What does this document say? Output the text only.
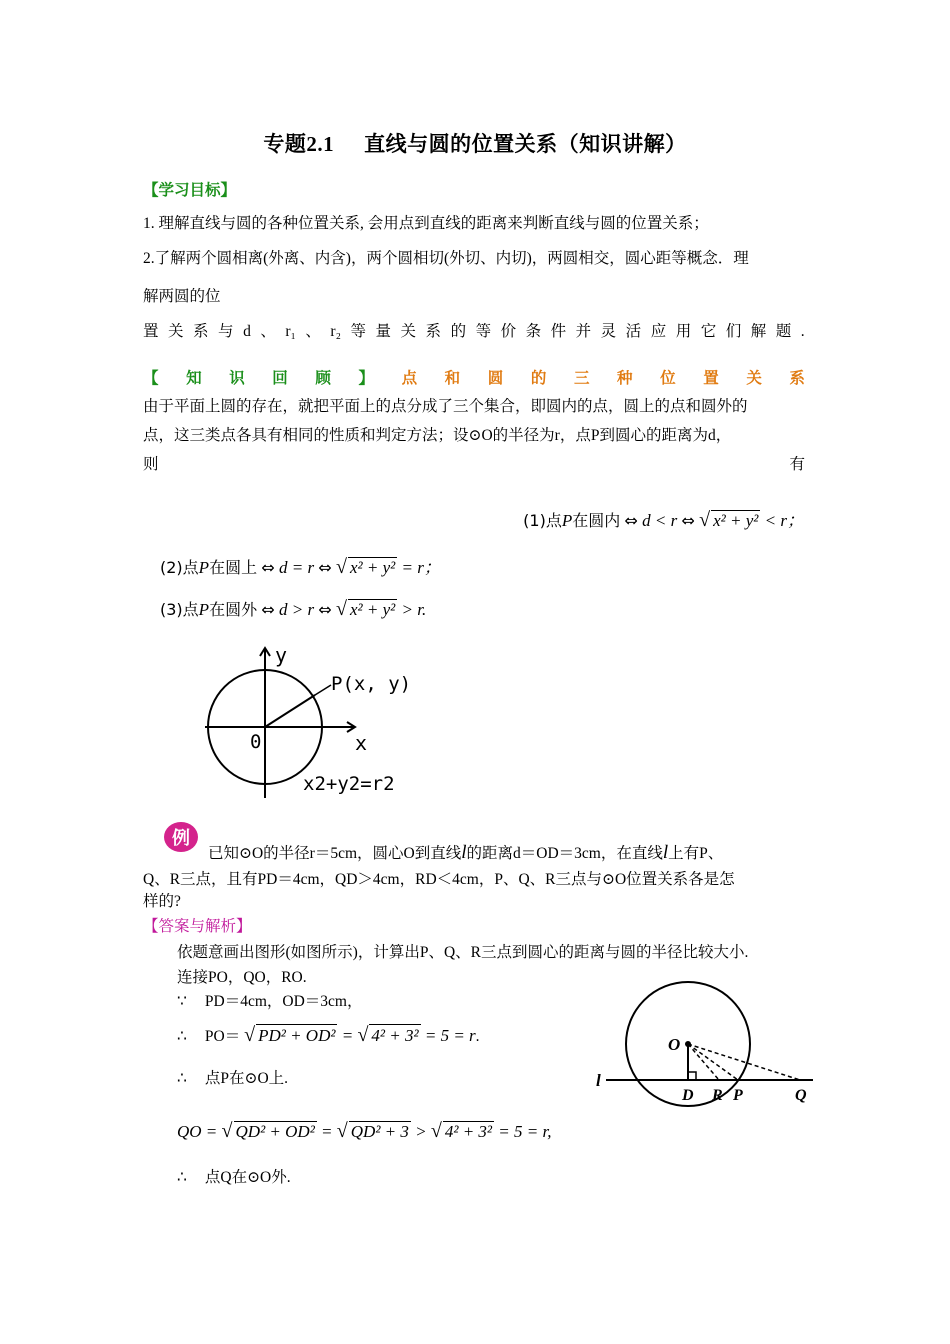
专题2.1 直线与圆的位置关系（知识讲解）
【学习目标】
1. 理解直线与圆的各种位置关系, 会用点到直线的距离来判断直线与圆的位置关系；
2.了解两个圆相离(外离、内含)，两个圆相切(外切、内切)，两圆相交，圆心距等概念．理
解两圆的位
置 关 系 与 d 、 r₁ 、 r₂ 等 量 关 系 的 等 价 条 件 并 灵 活 应 用 它 们 解 题 .
【 知 识 回 顾 】 点 和 圆 的 三 种 位 置 关 系
由于平面上圆的存在，就把平面上的点分成了三个集合，即圆内的点，圆上的点和圆外的
点，这三类点各具有相同的性质和判定方法；设⊙O的半径为r，点P到圆心的距离为d，
则	有
(1)点P在圆内 ⇔ d < r ⇔ √ x² + y² < r；
(2)点P在圆上 ⇔ d = r ⇔ √ x² + y² = r；
(3)点P在圆外 ⇔ d > r ⇔ √ x² + y² > r.
y
x
0
P(x, y)
x2+y2=r2
例
已知⊙O的半径r＝5cm，圆心O到直线l的距离d＝OD＝3cm，在直线l上有P、
Q、R三点，且有PD＝4cm，QD＞4cm，RD＜4cm，P、Q、R三点与⊙O位置关系各是怎
样的?
【答案与解析】
依题意画出图形(如图所示)，计算出P、Q、R三点到圆心的距离与圆的半径比较大小.
连接PO，QO，RO.
∵ PD＝4cm，OD＝3cm，
∴ PO＝ √ PD² + OD² = √ 4² + 3² = 5 = r.
∴ 点P在⊙O上.
QO = √ QD² + OD² = √ QD² + 3 > √ 4² + 3² = 5 = r,
∴ 点Q在⊙O外.
O
l
D R P	Q
